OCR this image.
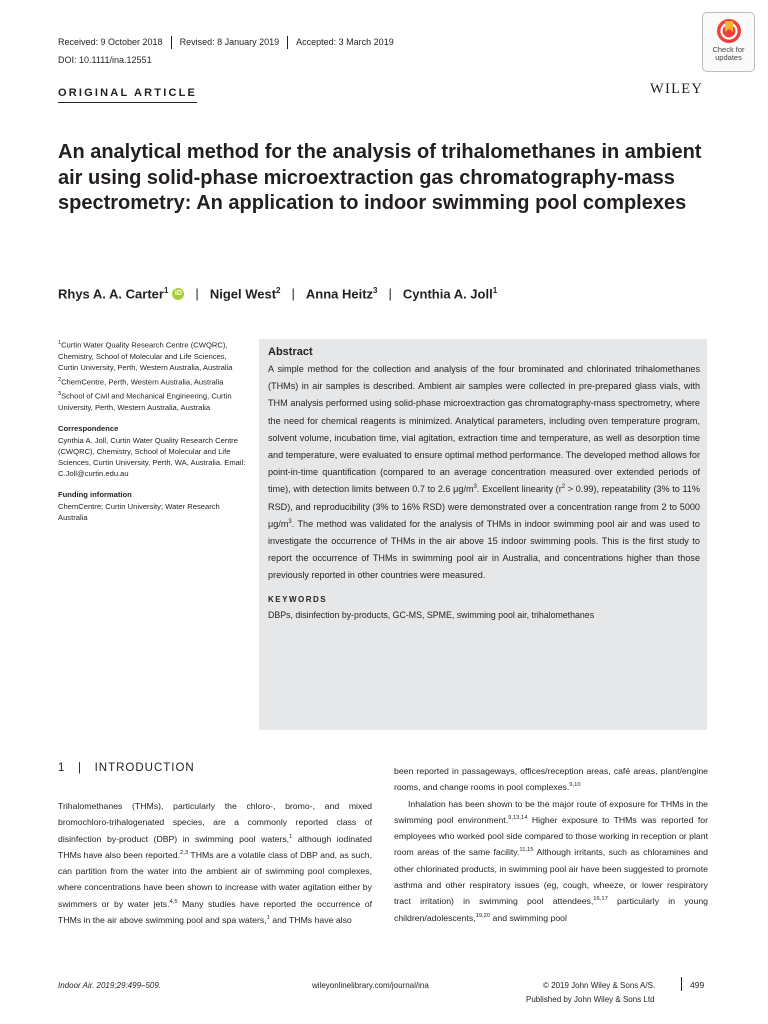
Received: 9 October 2018	Revised: 8 January 2019	Accepted: 3 March 2019
DOI: 10.1111/ina.12551
Check for
updates
ORIGINAL ARTICLE	WILEY
An analytical method for the analysis of trihalomethanes in ambient air using solid-phase microextraction gas chromatography-mass spectrometry: An application to indoor swimming pool complexes
Rhys A. A. Carter$^1$ iD | Nigel West$^2$ | Anna Heitz$^3$ | Cynthia A. Joll$^1$

$^1$Curtin Water Quality Research Centre (CWQRC), Chemistry, School of Molecular and Life Sciences, Curtin University, Perth, Western Australia, Australia

$^2$ChemCentre, Perth, Western Australia, Australia

$^3$School of Civil and Mechanical Engineering, Curtin University, Perth, Western Australia, Australia

Correspondence

Cynthia A. Joll, Curtin Water Quality Research Centre (CWQRC), Chemistry, School of Molecular and Life Sciences, Curtin University, Perth, WA, Australia. Email: C.Joll@curtin.edu.au

Funding information

ChemCentre; Curtin University; Water Research Australia

Abstract

A simple method for the collection and analysis of the four brominated and chlorinated trihalomethanes (THMs) in air samples is described. Ambient air samples were collected in pre-prepared glass vials, with THM analysis performed using solid-phase microextraction gas chromatography-mass spectrometry, where the need for chemical reagents is minimized. Analytical parameters, including oven temperature program, solvent volume, incubation time, vial agitation, extraction time and temperature, as well as desorption time and temperature, were evaluated to ensure optimal method performance. The developed method allows for point-in-time quantification (compared to an average concentration measured over extended periods of time), with detection limits between 0.7 to 2.6 $\mu g/m^3$. Excellent linearity $(r^2 > 0.99)$, repeatability (3% to 11% RSD), and reproducibility (3% to 16% RSD) were demonstrated over a concentration range from 2 to 5000 $\mu g/m^3$. The method was validated for the analysis of THMs in indoor swimming pool air and was used to investigate the occurrence of THMs in the air above 15 indoor swimming pools. This is the first study to report the occurrence of THMs in swimming pool air in Australia, and concentrations higher than those previously reported in other countries were measured.

KEYWORDS
DBPs, disinfection by-products, GC-MS, SPME, swimming pool air, trihalomethanes
1   |   INTRODUCTION

Trihalomethanes (THMs), particularly the chloro-, bromo-, and mixed bromochloro-trihalogenated species, are a commonly reported class of disinfection by-product (DBP) in swimming pool waters,$^1$ although iodinated THMs have also been reported.$^{2,3}$ THMs are a volatile class of DBP and, as such, can partition from the water into the ambient air of swimming pool complexes, where concentrations have been shown to increase with water agitation either by swimmers or by water jets.$^{4,5}$ Many studies have reported the occurrence of THMs in the air above swimming pool and spa waters,$^1$ and THMs have also

been reported in passageways, offices/reception areas, café areas, plant/engine rooms, and change rooms in pool complexes.$^{9,10}$

Inhalation has been shown to be the major route of exposure for THMs in the swimming pool environment.$^{9,13,14}$ Higher exposure to THMs was reported for employees who worked pool side compared to those working in reception or plant room areas of the same facility.$^{11,15}$ Although irritants, such as chloramines and other chlorinated products, in swimming pool air have been suggested to promote asthma and other respiratory issues (eg, cough, wheeze, or lower respiratory tract irritation) in swimming pool attendees,$^{16,17}$ particularly in young children/adolescents,$^{19,20}$ and swimming pool

Indoor Air. 2019;29:499–509.	wileyonlinelibrary.com/journal/ina	© 2019 John Wiley & Sons A/S.
Published by John Wiley & Sons Ltd
499
